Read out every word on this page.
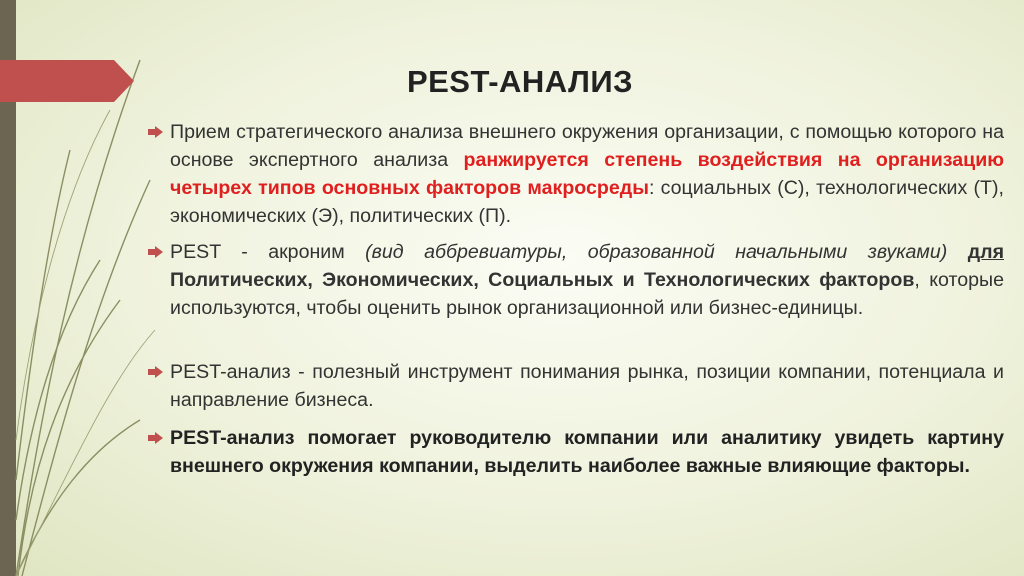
PEST-АНАЛИЗ

Прием стратегического анализа внешнего окружения организации, с помощью которого на основе экспертного анализа ранжируется степень воздействия на организацию четырех типов основных факторов макросреды: социальных (С), технологических (Т), экономических (Э), политических (П).

PEST - акроним (вид аббревиатуры, образованной начальными звуками) для Политических, Экономических, Социальных и Технологических факторов, которые используются, чтобы оценить рынок организационной или бизнес-единицы.

PEST-анализ - полезный инструмент понимания рынка, позиции компании, потенциала и направление бизнеса.

PEST-анализ помогает руководителю компании или аналитику увидеть картину внешнего окружения компании, выделить наиболее важные влияющие факторы.
